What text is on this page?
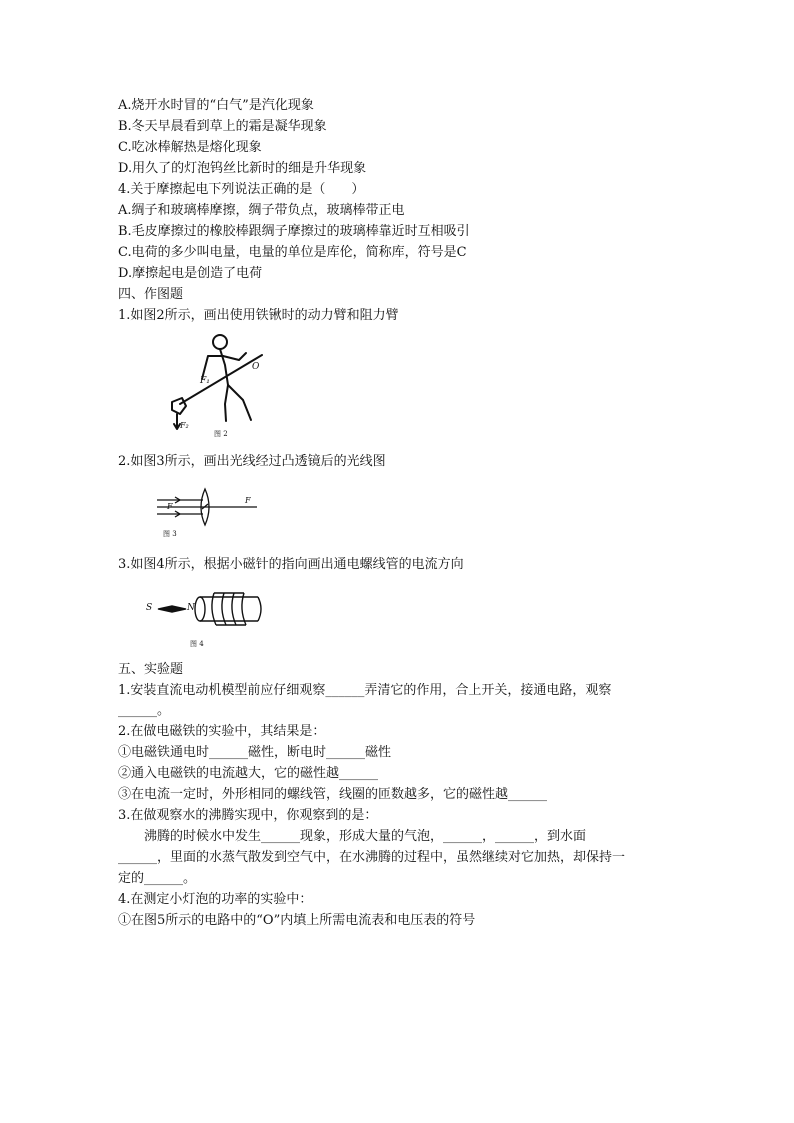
A.烧开水时冒的“白气”是汽化现象

B.冬天早晨看到草上的霜是凝华现象

C.吃冰棒解热是熔化现象

D.用久了的灯泡钨丝比新时的细是升华现象

4.关于摩擦起电下列说法正确的是（　　）

A.绸子和玻璃棒摩擦，绸子带负点，玻璃棒带正电

B.毛皮摩擦过的橡胶棒跟绸子摩擦过的玻璃棒靠近时互相吸引

C.电荷的多少叫电量，电量的单位是库伦，简称库，符号是C

D.摩擦起电是创造了电荷

四、作图题

1.如图2所示，画出使用铁锹时的动力臂和阻力臂

F₁
O
F₂
图 2

2.如图3所示，画出光线经过凸透镜后的光线图

F
F
图 3

3.如图4所示，根据小磁针的指向画出通电螺线管的电流方向

S	N
图 4

五、实验题

1.安装直流电动机模型前应仔细观察______弄清它的作用，合上开关，接通电路，观察

______。

2.在做电磁铁的实验中，其结果是：

①电磁铁通电时______磁性，断电时______磁性

②通入电磁铁的电流越大，它的磁性越______

③在电流一定时，外形相同的螺线管，线圈的匝数越多，它的磁性越______

3.在做观察水的沸腾实现中，你观察到的是：

　　沸腾的时候水中发生______现象，形成大量的气泡，______，______，到水面

______，里面的水蒸气散发到空气中，在水沸腾的过程中，虽然继续对它加热，却保持一

定的______。

4.在测定小灯泡的功率的实验中：

①在图5所示的电路中的“O”内填上所需电流表和电压表的符号
